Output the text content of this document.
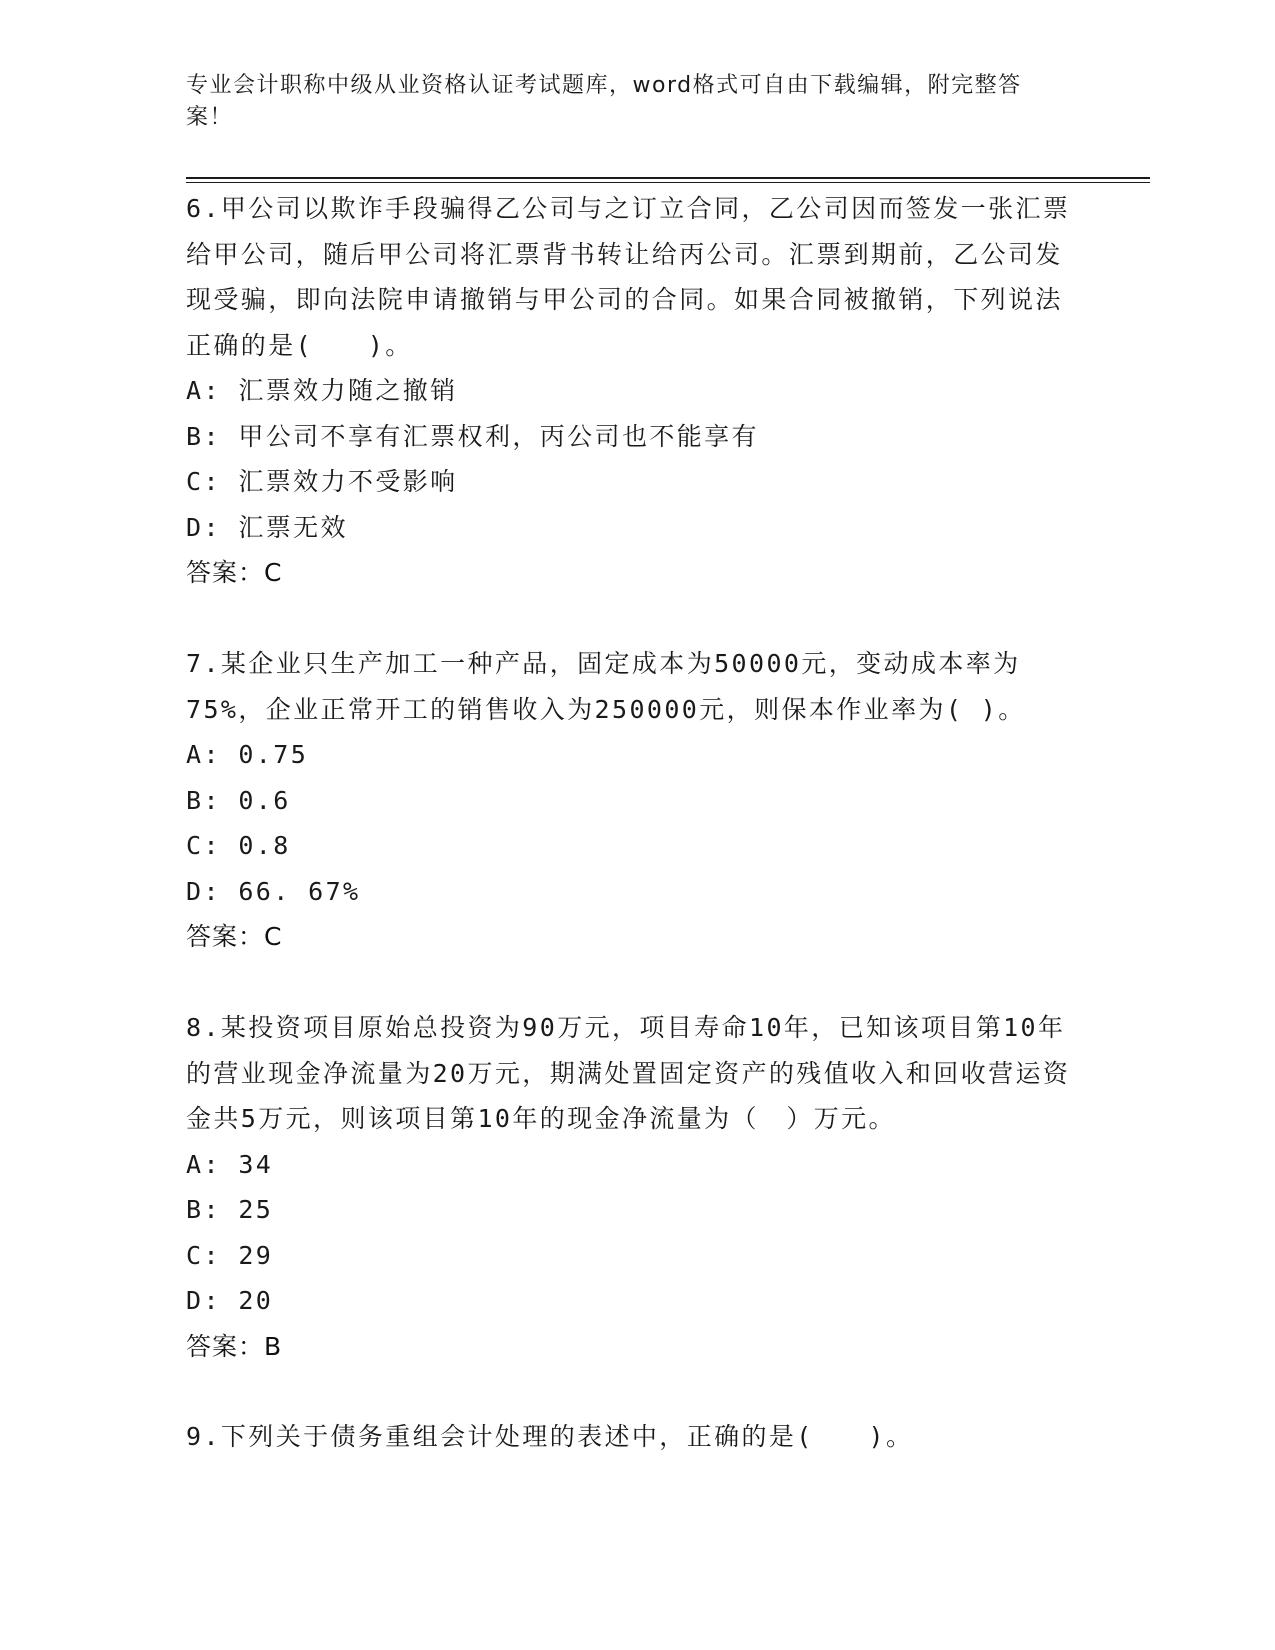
专业会计职称中级从业资格认证考试题库，word格式可自由下载编辑，附完整答案！

6.甲公司以欺诈手段骗得乙公司与之订立合同，乙公司因而签发一张汇票给甲公司，随后甲公司将汇票背书转让给丙公司。汇票到期前，乙公司发现受骗，即向法院申请撤销与甲公司的合同。如果合同被撤销，下列说法正确的是(　　)。

A: 汇票效力随之撤销

B: 甲公司不享有汇票权利，丙公司也不能享有

C: 汇票效力不受影响

D: 汇票无效

答案：C

7.某企业只生产加工一种产品，固定成本为50000元，变动成本率为75%，企业正常开工的销售收入为250000元，则保本作业率为( )。

A: 0.75

B: 0.6

C: 0.8

D: 66. 67%

答案：C

8.某投资项目原始总投资为90万元，项目寿命10年，已知该项目第10年的营业现金净流量为20万元，期满处置固定资产的残值收入和回收营运资金共5万元，则该项目第10年的现金净流量为（　）万元。

A: 34

B: 25

C: 29

D: 20

答案：B

9.下列关于债务重组会计处理的表述中，正确的是(　　)。
